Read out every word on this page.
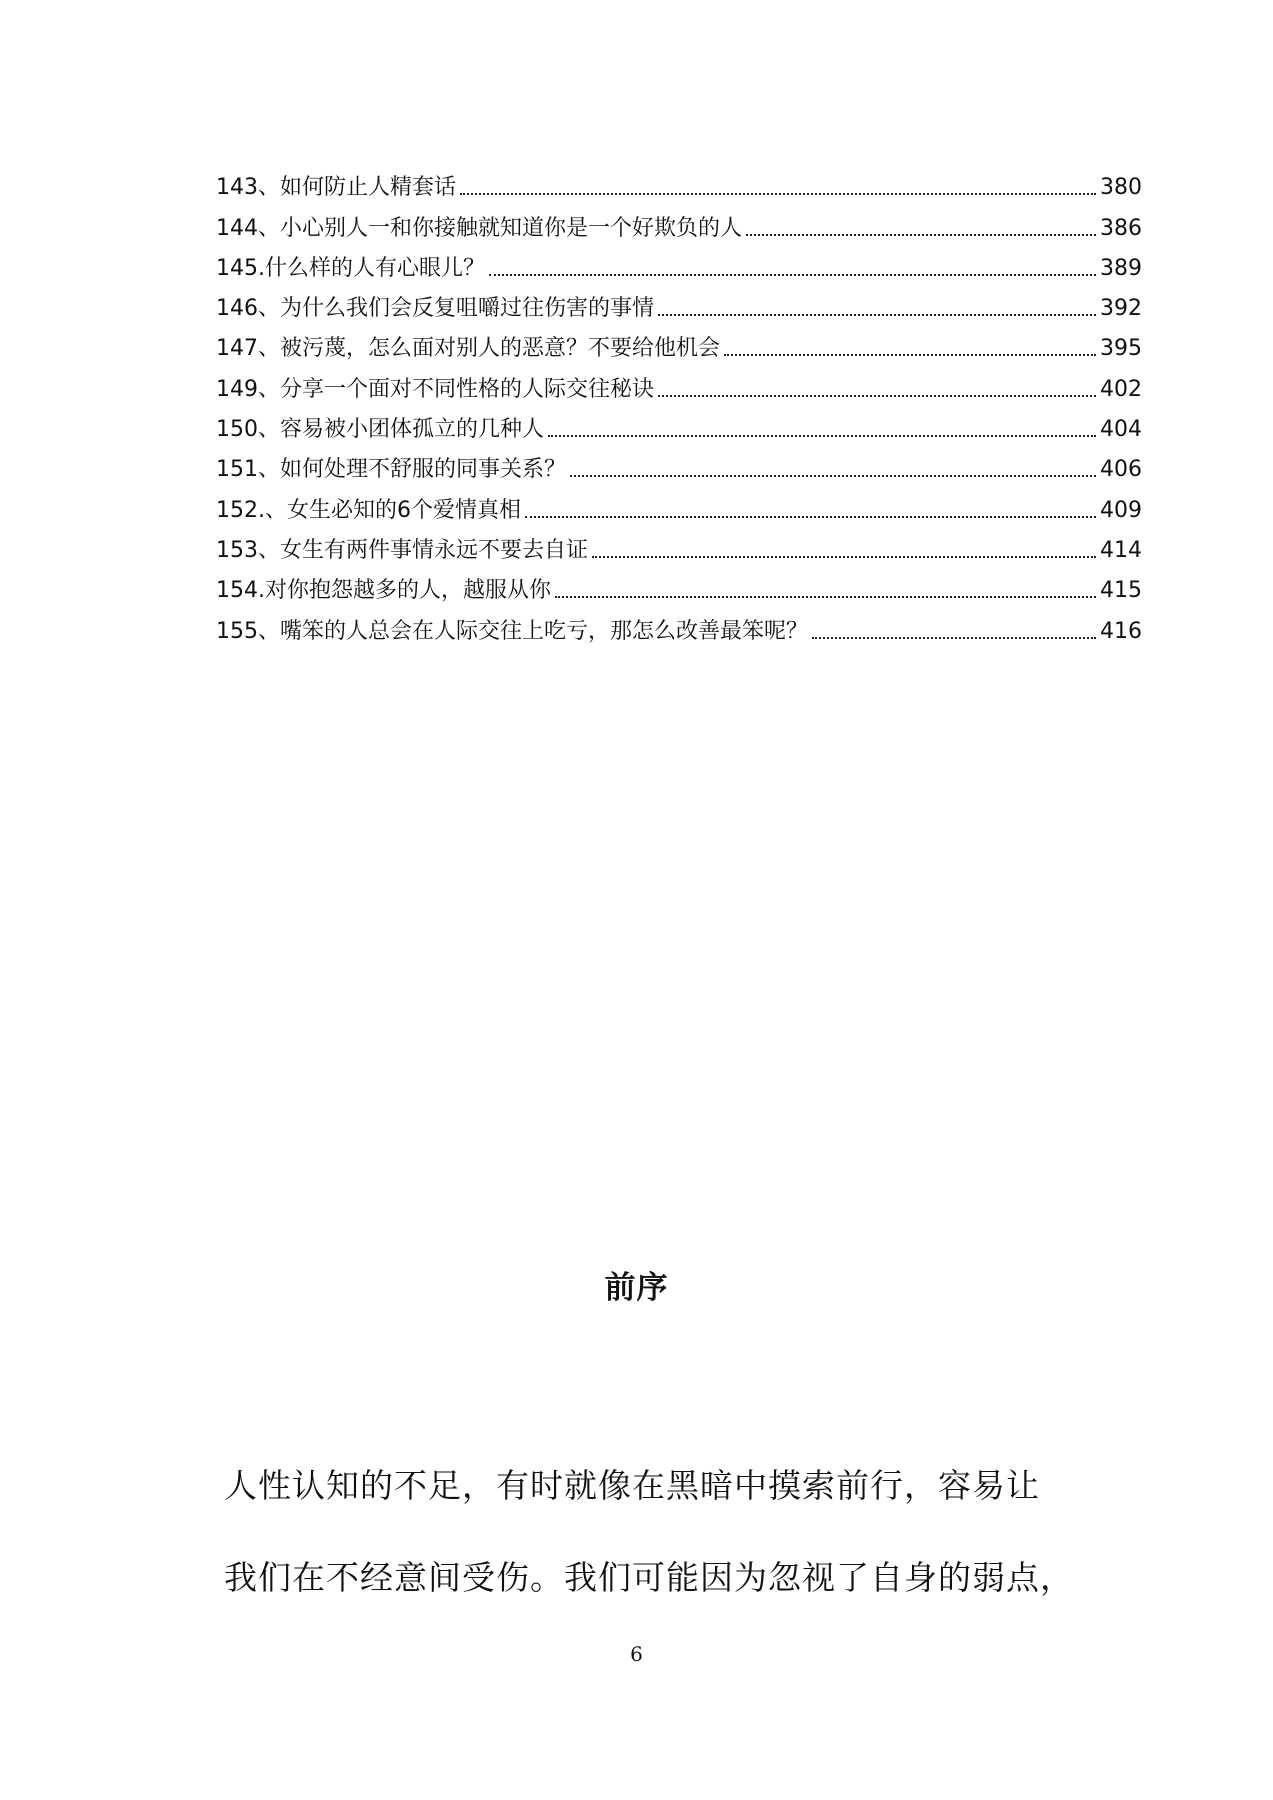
143、如何防止人精套话	380
144、小心别人一和你接触就知道你是一个好欺负的人	386
145.什么样的人有心眼儿？	389
146、为什么我们会反复咀嚼过往伤害的事情	392
147、被污蔑，怎么面对别人的恶意？不要给他机会	395
149、分享一个面对不同性格的人际交往秘诀	402
150、容易被小团体孤立的几种人	404
151、如何处理不舒服的同事关系？	406
152.、女生必知的6个爱情真相	409
153、女生有两件事情永远不要去自证	414
154.对你抱怨越多的人，越服从你	415
155、嘴笨的人总会在人际交往上吃亏，那怎么改善最笨呢？	416
前序
人性认知的不足，有时就像在黑暗中摸索前行，容易让
我们在不经意间受伤。我们可能因为忽视了自身的弱点，
6
